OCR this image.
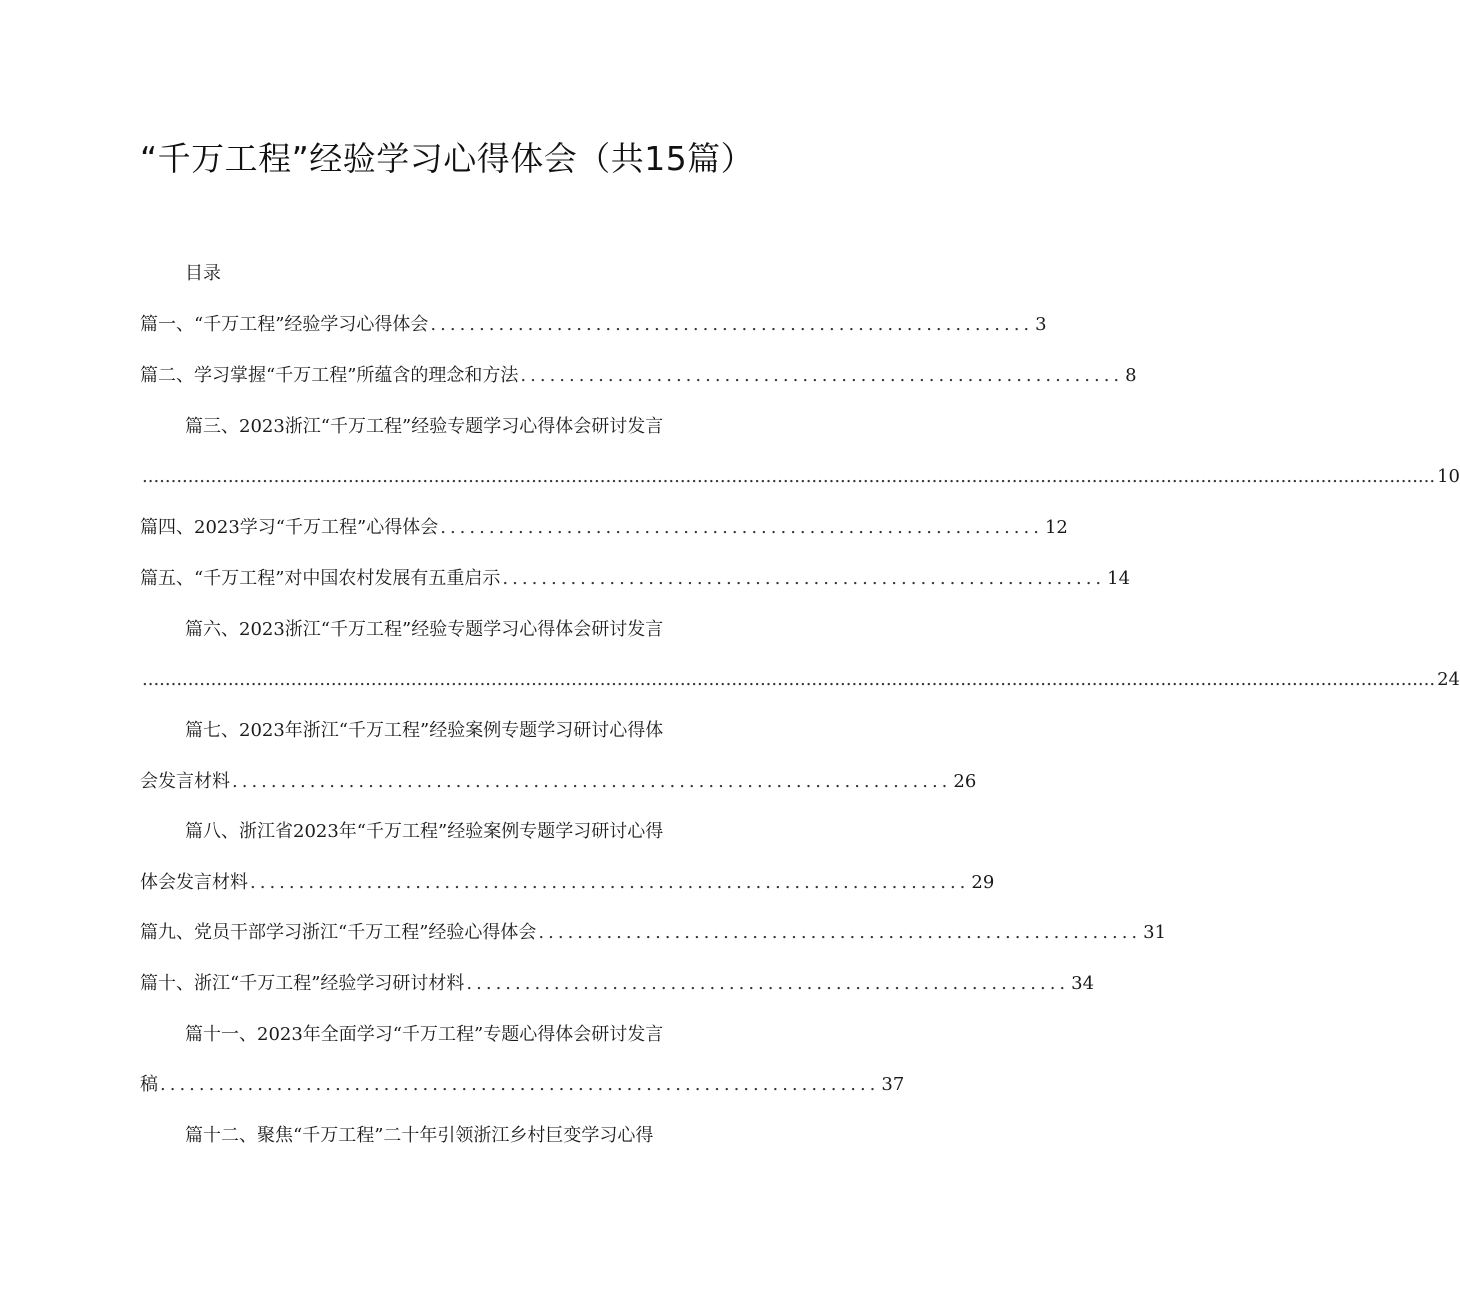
“千万工程”经验学习心得体会（共15篇）

目录

篇一、“千万工程”经验学习心得体会 .............................................................. 3
篇二、学习掌握“千万工程”所蕴含的理念和方法 .............................................................. 8
篇三、2023浙江“千万工程”经验专题学习心得体会研讨发言
.................................................................................................................................................................................................................................. 10
篇四、2023学习“千万工程”心得体会 .............................................................. 12
篇五、“千万工程”对中国农村发展有五重启示 .............................................................. 14
篇六、2023浙江“千万工程”经验专题学习心得体会研讨发言
.................................................................................................................................................................................................................................. 24
篇七、2023年浙江“千万工程”经验案例专题学习研讨心得体
会发言材料 .......................................................................... 26
篇八、浙江省2023年“千万工程”经验案例专题学习研讨心得
体会发言材料 .......................................................................... 29
篇九、党员干部学习浙江“千万工程”经验心得体会 .............................................................. 31
篇十、浙江“千万工程”经验学习研讨材料 .............................................................. 34
篇十一、2023年全面学习“千万工程”专题心得体会研讨发言
稿 .......................................................................... 37
篇十二、聚焦“千万工程”二十年引领浙江乡村巨变学习心得
